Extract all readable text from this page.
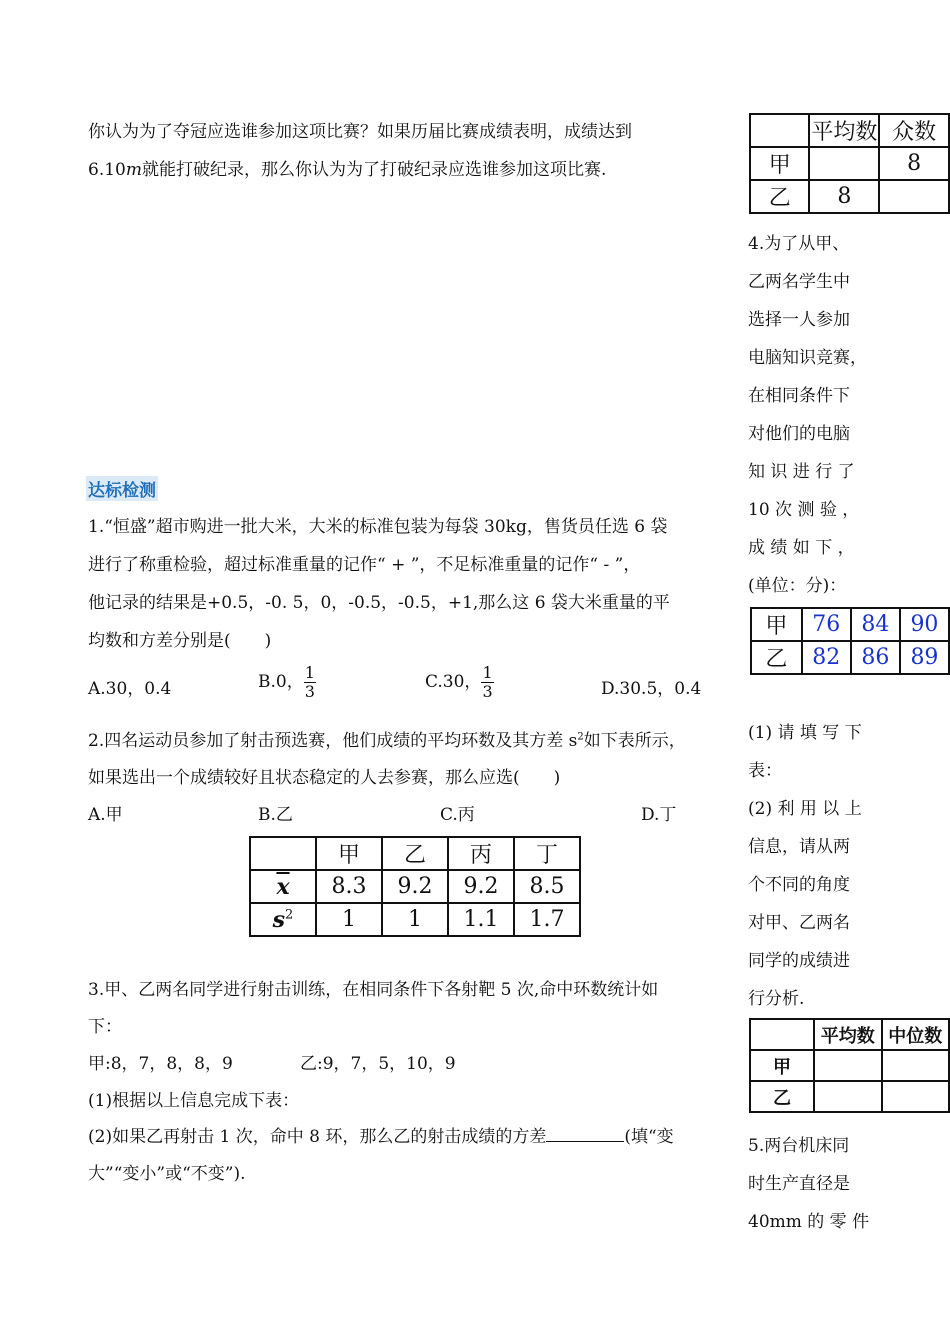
你认为为了夺冠应选谁参加这项比赛？如果历届比赛成绩表明，成绩达到
6.10m就能打破纪录，那么你认为为了打破纪录应选谁参加这项比赛.
	平均数	众数
甲		8
乙	8	
4.为了从甲、
乙两名学生中
选择一人参加
电脑知识竞赛，
在相同条件下
对他们的电脑
知 识 进 行 了
10 次 测 验 ，
成 绩 如 下 ，
(单位：分)：
甲	76	84	90
乙	82	86	89
(1) 请 填 写 下
表：
(2) 利 用 以 上
信息，请从两
个不同的角度
对甲、乙两名
同学的成绩进
行分析.
	平均数	中位数
甲		
乙		
5.两台机床同
时生产直径是
40mm 的 零 件
达标检测
1.“恒盛”超市购进一批大米，大米的标准包装为每袋 30kg，售货员任选 6 袋
进行了称重检验，超过标准重量的记作“ + ”，不足标准重量的记作“ - ”，
他记录的结果是+0.5，-0. 5，0，-0.5，-0.5，+1,那么这 6 袋大米重量的平
均数和方差分别是(　　)
A.30，0.4	B.0， $\frac{1}{3}$	C.30， $\frac{1}{3}$	D.30.5，0.4
2.四名运动员参加了射击预选赛，他们成绩的平均环数及其方差 $s^2$如下表所示，
如果选出一个成绩较好且状态稳定的人去参赛，那么应选(　　)
A.甲	B.乙	C.丙	D.丁
	甲	乙	丙	丁
$\overline{x}$	8.3	9.2	9.2	8.5
$s^2$	1	1	1.1	1.7
3.甲、乙两名同学进行射击训练，在相同条件下各射靶 5 次,命中环数统计如
下：
甲:8，7，8，8，9	乙:9，7，5，10，9
(1)根据以上信息完成下表：
(2)如果乙再射击 1 次，命中 8 环，那么乙的射击成绩的方差	(填“变
大”“变小”或“不变”).
